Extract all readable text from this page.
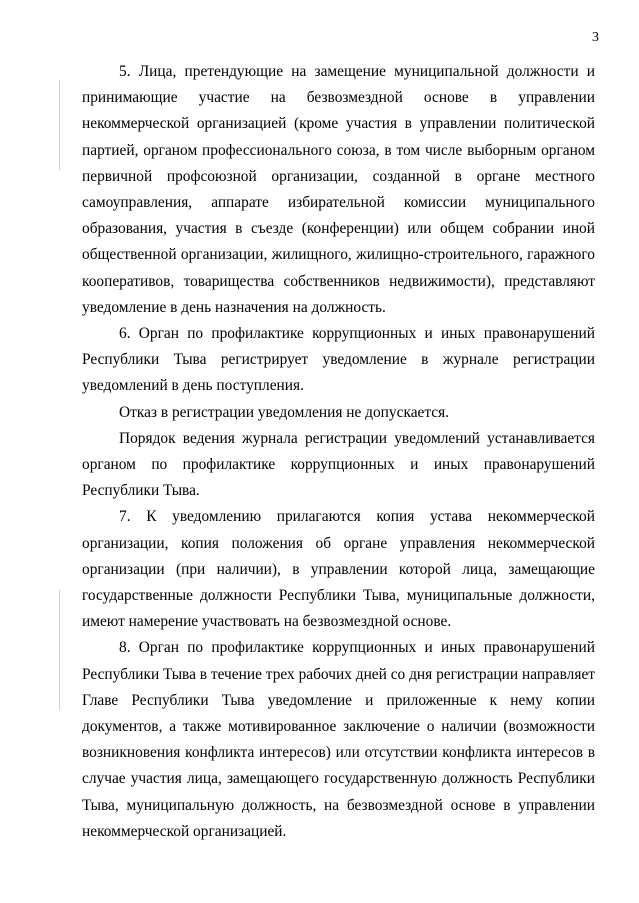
3

5. Лица, претендующие на замещение муниципальной должности и принимающие участие на безвозмездной основе в управлении некоммерческой организацией (кроме участия в управлении политической партией, органом профессионального союза, в том числе выборным органом первичной профсоюзной организации, созданной в органе местного самоуправления, аппарате избирательной комиссии муниципального образования, участия в съезде (конференции) или общем собрании иной общественной организации, жилищного, жилищно-строительного, гаражного кооперативов, товарищества собственников недвижимости), представляют уведомление в день назначения на должность.

6. Орган по профилактике коррупционных и иных правонарушений Республики Тыва регистрирует уведомление в журнале регистрации уведомлений в день поступления.

Отказ в регистрации уведомления не допускается.

Порядок ведения журнала регистрации уведомлений устанавливается органом по профилактике коррупционных и иных правонарушений Республики Тыва.

7. К уведомлению прилагаются копия устава некоммерческой организации, копия положения об органе управления некоммерческой организации (при наличии), в управлении которой лица, замещающие государственные должности Республики Тыва, муниципальные должности, имеют намерение участвовать на безвозмездной основе.

8. Орган по профилактике коррупционных и иных правонарушений Республики Тыва в течение трех рабочих дней со дня регистрации направляет Главе Республики Тыва уведомление и приложенные к нему копии документов, а также мотивированное заключение о наличии (возможности возникновения конфликта интересов) или отсутствии конфликта интересов в случае участия лица, замещающего государственную должность Республики Тыва, муниципальную должность, на безвозмездной основе в управлении некоммерческой организацией.
